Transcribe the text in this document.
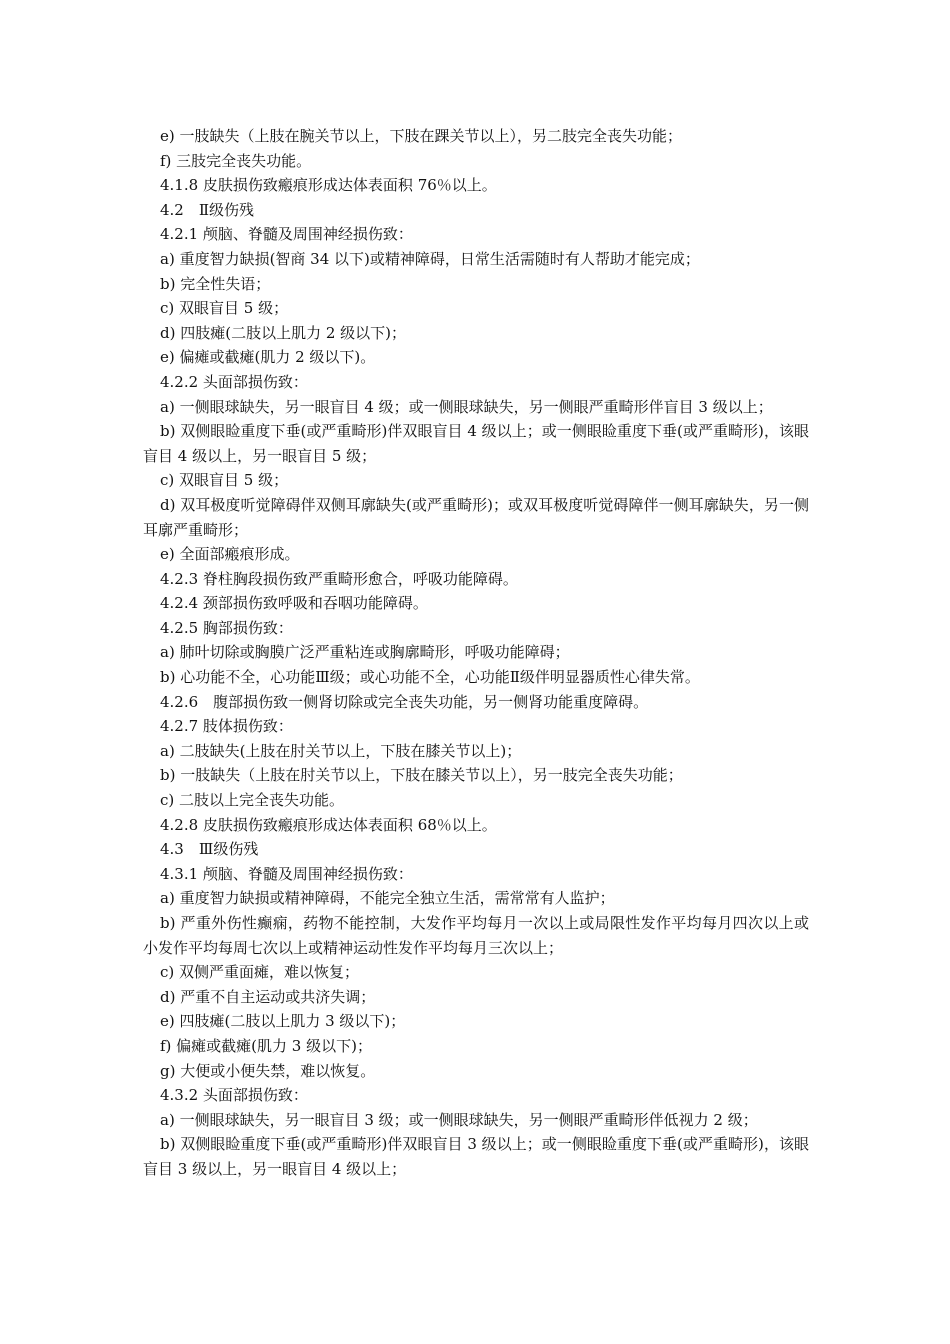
e) 一肢缺失（上肢在腕关节以上，下肢在踝关节以上），另二肢完全丧失功能；

f) 三肢完全丧失功能。

4.1.8 皮肤损伤致瘢痕形成达体表面积 76％以上。

4.2　Ⅱ级伤残

4.2.1 颅脑、脊髓及周围神经损伤致：

a) 重度智力缺损(智商 34 以下)或精神障碍，日常生活需随时有人帮助才能完成；

b) 完全性失语；

c) 双眼盲目 5 级；

d) 四肢瘫(二肢以上肌力 2 级以下)；

e) 偏瘫或截瘫(肌力 2 级以下)。

4.2.2 头面部损伤致：

a) 一侧眼球缺失，另一眼盲目 4 级；或一侧眼球缺失，另一侧眼严重畸形伴盲目 3 级以上；

b) 双侧眼睑重度下垂(或严重畸形)伴双眼盲目 4 级以上；或一侧眼睑重度下垂(或严重畸形)，该眼盲目 4 级以上，另一眼盲目 5 级；

c) 双眼盲目 5 级；

d) 双耳极度听觉障碍伴双侧耳廓缺失(或严重畸形)；或双耳极度听觉碍障伴一侧耳廓缺失，另一侧耳廓严重畸形；

e) 全面部瘢痕形成。

4.2.3 脊柱胸段损伤致严重畸形愈合，呼吸功能障碍。

4.2.4 颈部损伤致呼吸和吞咽功能障碍。

4.2.5 胸部损伤致：

a) 肺叶切除或胸膜广泛严重粘连或胸廓畸形，呼吸功能障碍；

b) 心功能不全，心功能Ⅲ级；或心功能不全，心功能Ⅱ级伴明显器质性心律失常。

4.2.6　腹部损伤致一侧肾切除或完全丧失功能，另一侧肾功能重度障碍。

4.2.7 肢体损伤致：

a) 二肢缺失(上肢在肘关节以上，下肢在膝关节以上)；

b) 一肢缺失（上肢在肘关节以上，下肢在膝关节以上），另一肢完全丧失功能；

c) 二肢以上完全丧失功能。

4.2.8 皮肤损伤致瘢痕形成达体表面积 68％以上。

4.3　Ⅲ级伤残

4.3.1 颅脑、脊髓及周围神经损伤致：

a) 重度智力缺损或精神障碍，不能完全独立生活，需常常有人监护；

b) 严重外伤性癫痫，药物不能控制，大发作平均每月一次以上或局限性发作平均每月四次以上或小发作平均每周七次以上或精神运动性发作平均每月三次以上；

c) 双侧严重面瘫，难以恢复；

d) 严重不自主运动或共济失调；

e) 四肢瘫(二肢以上肌力 3 级以下)；

f) 偏瘫或截瘫(肌力 3 级以下)；

g) 大便或小便失禁，难以恢复。

4.3.2 头面部损伤致：

a) 一侧眼球缺失，另一眼盲目 3 级；或一侧眼球缺失，另一侧眼严重畸形伴低视力 2 级；

b) 双侧眼睑重度下垂(或严重畸形)伴双眼盲目 3 级以上；或一侧眼睑重度下垂(或严重畸形)，该眼盲目 3 级以上，另一眼盲目 4 级以上；
